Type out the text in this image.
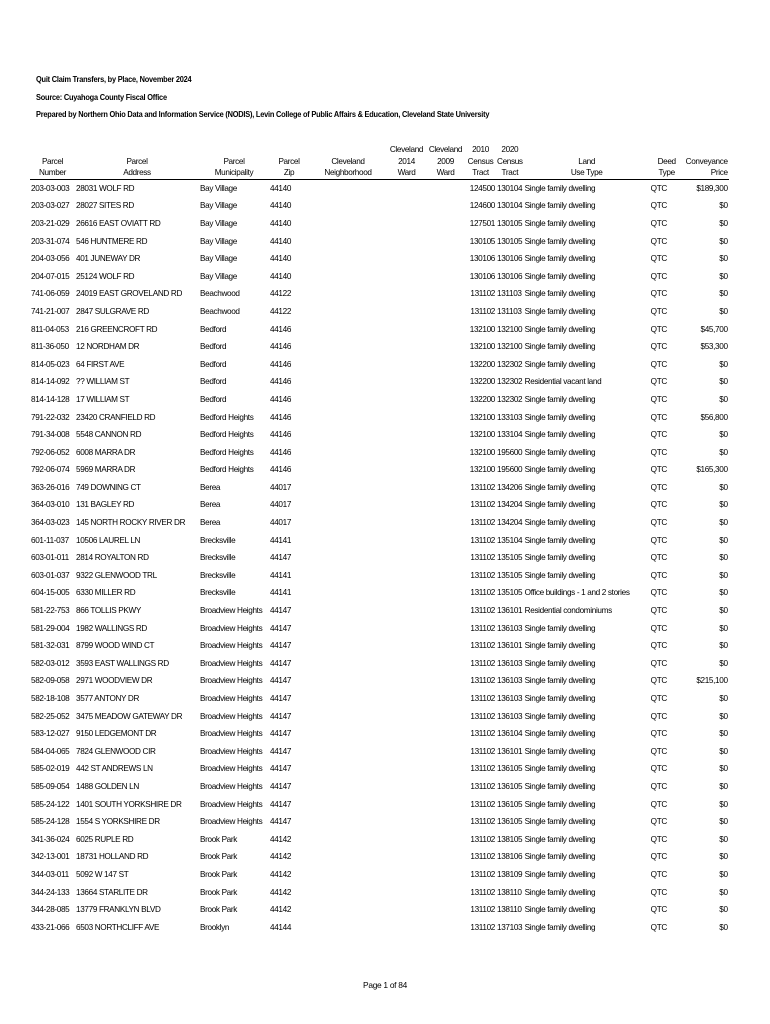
Quit Claim Transfers, by Place, November 2024
Source: Cuyahoga County Fiscal Office
Prepared by Northern Ohio Data and Information Service (NODIS), Levin College of Public Affairs & Education, Cleveland State University
					Cleveland	Cleveland	2010	2020			
Parcel	Parcel	Parcel	Parcel	Cleveland	2014	2009	Census	Census	Land	Deed	Conveyance
Number	Address	Municipality	Zip	Neighborhood	Ward	Ward	Tract	Tract	Use Type	Type	Price
203-03-003	28031 WOLF RD	Bay Village	44140				124500	130104	Single family dwelling	QTC	$189,300
203-03-027	28027 SITES RD	Bay Village	44140				124600	130104	Single family dwelling	QTC	$0
203-21-029	26616 EAST OVIATT RD	Bay Village	44140				127501	130105	Single family dwelling	QTC	$0
203-31-074	546 HUNTMERE RD	Bay Village	44140				130105	130105	Single family dwelling	QTC	$0
204-03-056	401 JUNEWAY DR	Bay Village	44140				130106	130106	Single family dwelling	QTC	$0
204-07-015	25124 WOLF RD	Bay Village	44140				130106	130106	Single family dwelling	QTC	$0
741-06-059	24019 EAST GROVELAND RD	Beachwood	44122				131102	131103	Single family dwelling	QTC	$0
741-21-007	2847 SULGRAVE RD	Beachwood	44122				131102	131103	Single family dwelling	QTC	$0
811-04-053	216 GREENCROFT RD	Bedford	44146				132100	132100	Single family dwelling	QTC	$45,700
811-36-050	12 NORDHAM DR	Bedford	44146				132100	132100	Single family dwelling	QTC	$53,300
814-05-023	64 FIRST AVE	Bedford	44146				132200	132302	Single family dwelling	QTC	$0
814-14-092	?? WILLIAM ST	Bedford	44146				132200	132302	Residential vacant land	QTC	$0
814-14-128	17 WILLIAM ST	Bedford	44146				132200	132302	Single family dwelling	QTC	$0
791-22-032	23420 CRANFIELD RD	Bedford Heights	44146				132100	133103	Single family dwelling	QTC	$56,800
791-34-008	5548 CANNON RD	Bedford Heights	44146				132100	133104	Single family dwelling	QTC	$0
792-06-052	6008 MARRA DR	Bedford Heights	44146				132100	195600	Single family dwelling	QTC	$0
792-06-074	5969 MARRA DR	Bedford Heights	44146				132100	195600	Single family dwelling	QTC	$165,300
363-26-016	749 DOWNING CT	Berea	44017				131102	134206	Single family dwelling	QTC	$0
364-03-010	131 BAGLEY RD	Berea	44017				131102	134204	Single family dwelling	QTC	$0
364-03-023	145 NORTH ROCKY RIVER DR	Berea	44017				131102	134204	Single family dwelling	QTC	$0
601-11-037	10506 LAUREL LN	Brecksville	44141				131102	135104	Single family dwelling	QTC	$0
603-01-011	2814 ROYALTON RD	Brecksville	44147				131102	135105	Single family dwelling	QTC	$0
603-01-037	9322 GLENWOOD TRL	Brecksville	44141				131102	135105	Single family dwelling	QTC	$0
604-15-005	6330 MILLER RD	Brecksville	44141				131102	135105	Office buildings - 1 and 2 stories	QTC	$0
581-22-753	866 TOLLIS PKWY	Broadview Heights	44147				131102	136101	Residential condominiums	QTC	$0
581-29-004	1982 WALLINGS RD	Broadview Heights	44147				131102	136103	Single family dwelling	QTC	$0
581-32-031	8799 WOOD WIND CT	Broadview Heights	44147				131102	136101	Single family dwelling	QTC	$0
582-03-012	3593 EAST WALLINGS RD	Broadview Heights	44147				131102	136103	Single family dwelling	QTC	$0
582-09-058	2971 WOODVIEW DR	Broadview Heights	44147				131102	136103	Single family dwelling	QTC	$215,100
582-18-108	3577 ANTONY DR	Broadview Heights	44147				131102	136103	Single family dwelling	QTC	$0
582-25-052	3475 MEADOW GATEWAY DR	Broadview Heights	44147				131102	136103	Single family dwelling	QTC	$0
583-12-027	9150 LEDGEMONT DR	Broadview Heights	44147				131102	136104	Single family dwelling	QTC	$0
584-04-065	7824 GLENWOOD CIR	Broadview Heights	44147				131102	136101	Single family dwelling	QTC	$0
585-02-019	442 ST ANDREWS LN	Broadview Heights	44147				131102	136105	Single family dwelling	QTC	$0
585-09-054	1488 GOLDEN LN	Broadview Heights	44147				131102	136105	Single family dwelling	QTC	$0
585-24-122	1401 SOUTH YORKSHIRE DR	Broadview Heights	44147				131102	136105	Single family dwelling	QTC	$0
585-24-128	1554 S YORKSHIRE DR	Broadview Heights	44147				131102	136105	Single family dwelling	QTC	$0
341-36-024	6025 RUPLE RD	Brook Park	44142				131102	138105	Single family dwelling	QTC	$0
342-13-001	18731 HOLLAND RD	Brook Park	44142				131102	138106	Single family dwelling	QTC	$0
344-03-011	5092 W 147 ST	Brook Park	44142				131102	138109	Single family dwelling	QTC	$0
344-24-133	13664 STARLITE DR	Brook Park	44142				131102	138110	Single family dwelling	QTC	$0
344-28-085	13779 FRANKLYN BLVD	Brook Park	44142				131102	138110	Single family dwelling	QTC	$0
433-21-066	6503 NORTHCLIFF AVE	Brooklyn	44144				131102	137103	Single family dwelling	QTC	$0
Page 1 of 84
